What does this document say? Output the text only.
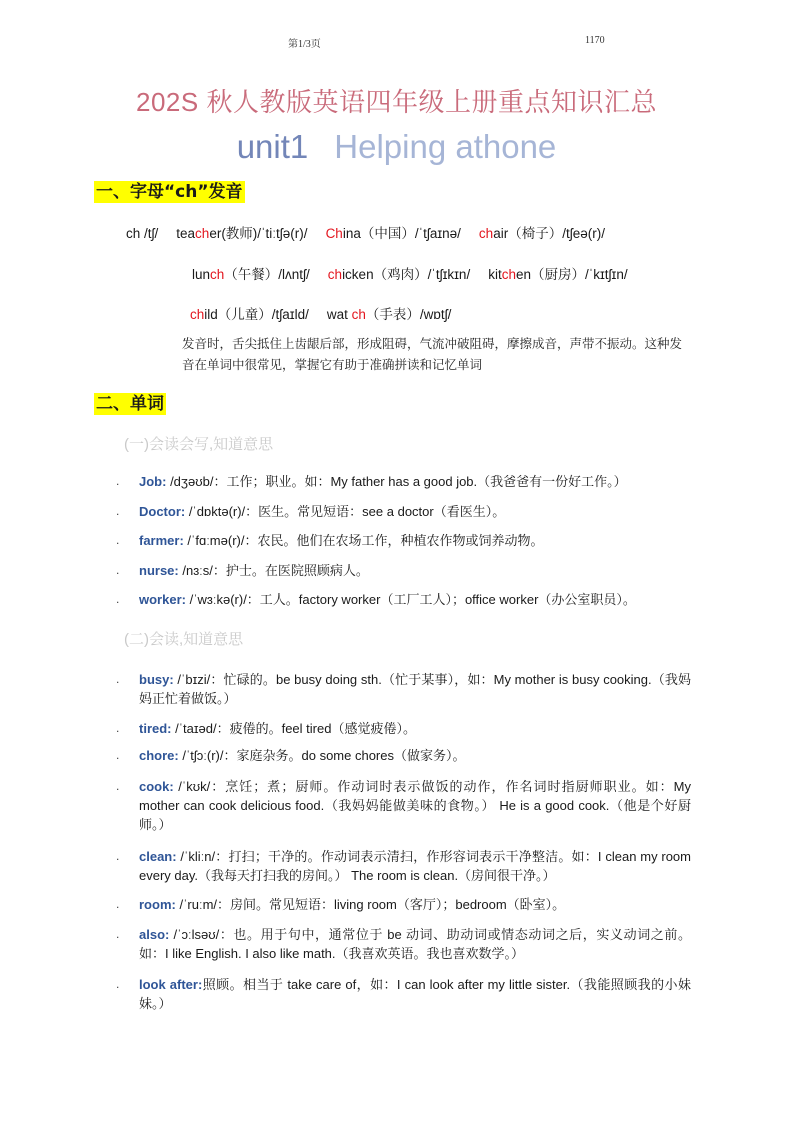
第1/3页	1170
202S 秋人教版英语四年级上册重点知识汇总
unit1 Helping athone
一、字母“ch”发音
ch /tʃ/ teacher(教师)/ˈtiːtʃə(r)/ China（中国）/ˈtʃaɪnə/ chair（椅子）/tʃeə(r)/
lunch（午餐）/lʌntʃ/ chicken（鸡肉）/ˈtʃɪkɪn/ kitchen（厨房）/ˈkɪtʃɪn/
child（儿童）/tʃaɪld/ wat ch（手表）/wɒtʃ/
发音时，舌尖抵住上齿龈后部，形成阻碍，气流冲破阻碍，摩擦成音，声带不振动。这种发音在单词中很常见，掌握它有助于准确拼读和记忆单词
二、单词
(一)会读会写,知道意思
. Job: /dʒəʊb/：工作；职业。如：My father has a good job.（我爸爸有一份好工作。）
. Doctor: /ˈdɒktə(r)/：医生。常见短语：see a doctor（看医生）。
. farmer: /ˈfɑːmə(r)/：农民。他们在农场工作，种植农作物或饲养动物。
. nurse: /nɜːs/：护士。在医院照顾病人。
. worker: /ˈwɜːkə(r)/：工人。factory worker（工厂工人）；office worker（办公室职员）。
(二)会读,知道意思
. busy: /ˈbɪzi/：忙碌的。be busy doing sth.（忙于某事），如：My mother is busy cooking.（我妈妈正忙着做饭。）
. tired: /ˈtaɪəd/：疲倦的。feel tired（感觉疲倦）。
. chore: /ˈtʃɔː(r)/：家庭杂务。do some chores（做家务）。
. cook: /ˈkʊk/：烹饪；煮；厨师。作动词时表示做饭的动作，作名词时指厨师职业。如：My mother can cook delicious food.（我妈妈能做美味的食物。） He is a good cook.（他是个好厨师。）
. clean: /ˈkliːn/：打扫；干净的。作动词表示清扫，作形容词表示干净整洁。如：I clean my room every day.（我每天打扫我的房间。） The room is clean.（房间很干净。）
. room: /ˈruːm/：房间。常见短语：living room（客厅）；bedroom（卧室）。
. also: /ˈɔːlsəʊ/：也。用于句中，通常位于 be 动词、助动词或情态动词之后，实义动词之前。如：I like English. I also like math.（我喜欢英语。我也喜欢数学。）
. look after:照顾。相当于 take care of，如：I can look after my little sister.（我能照顾我的小妹妹。）
